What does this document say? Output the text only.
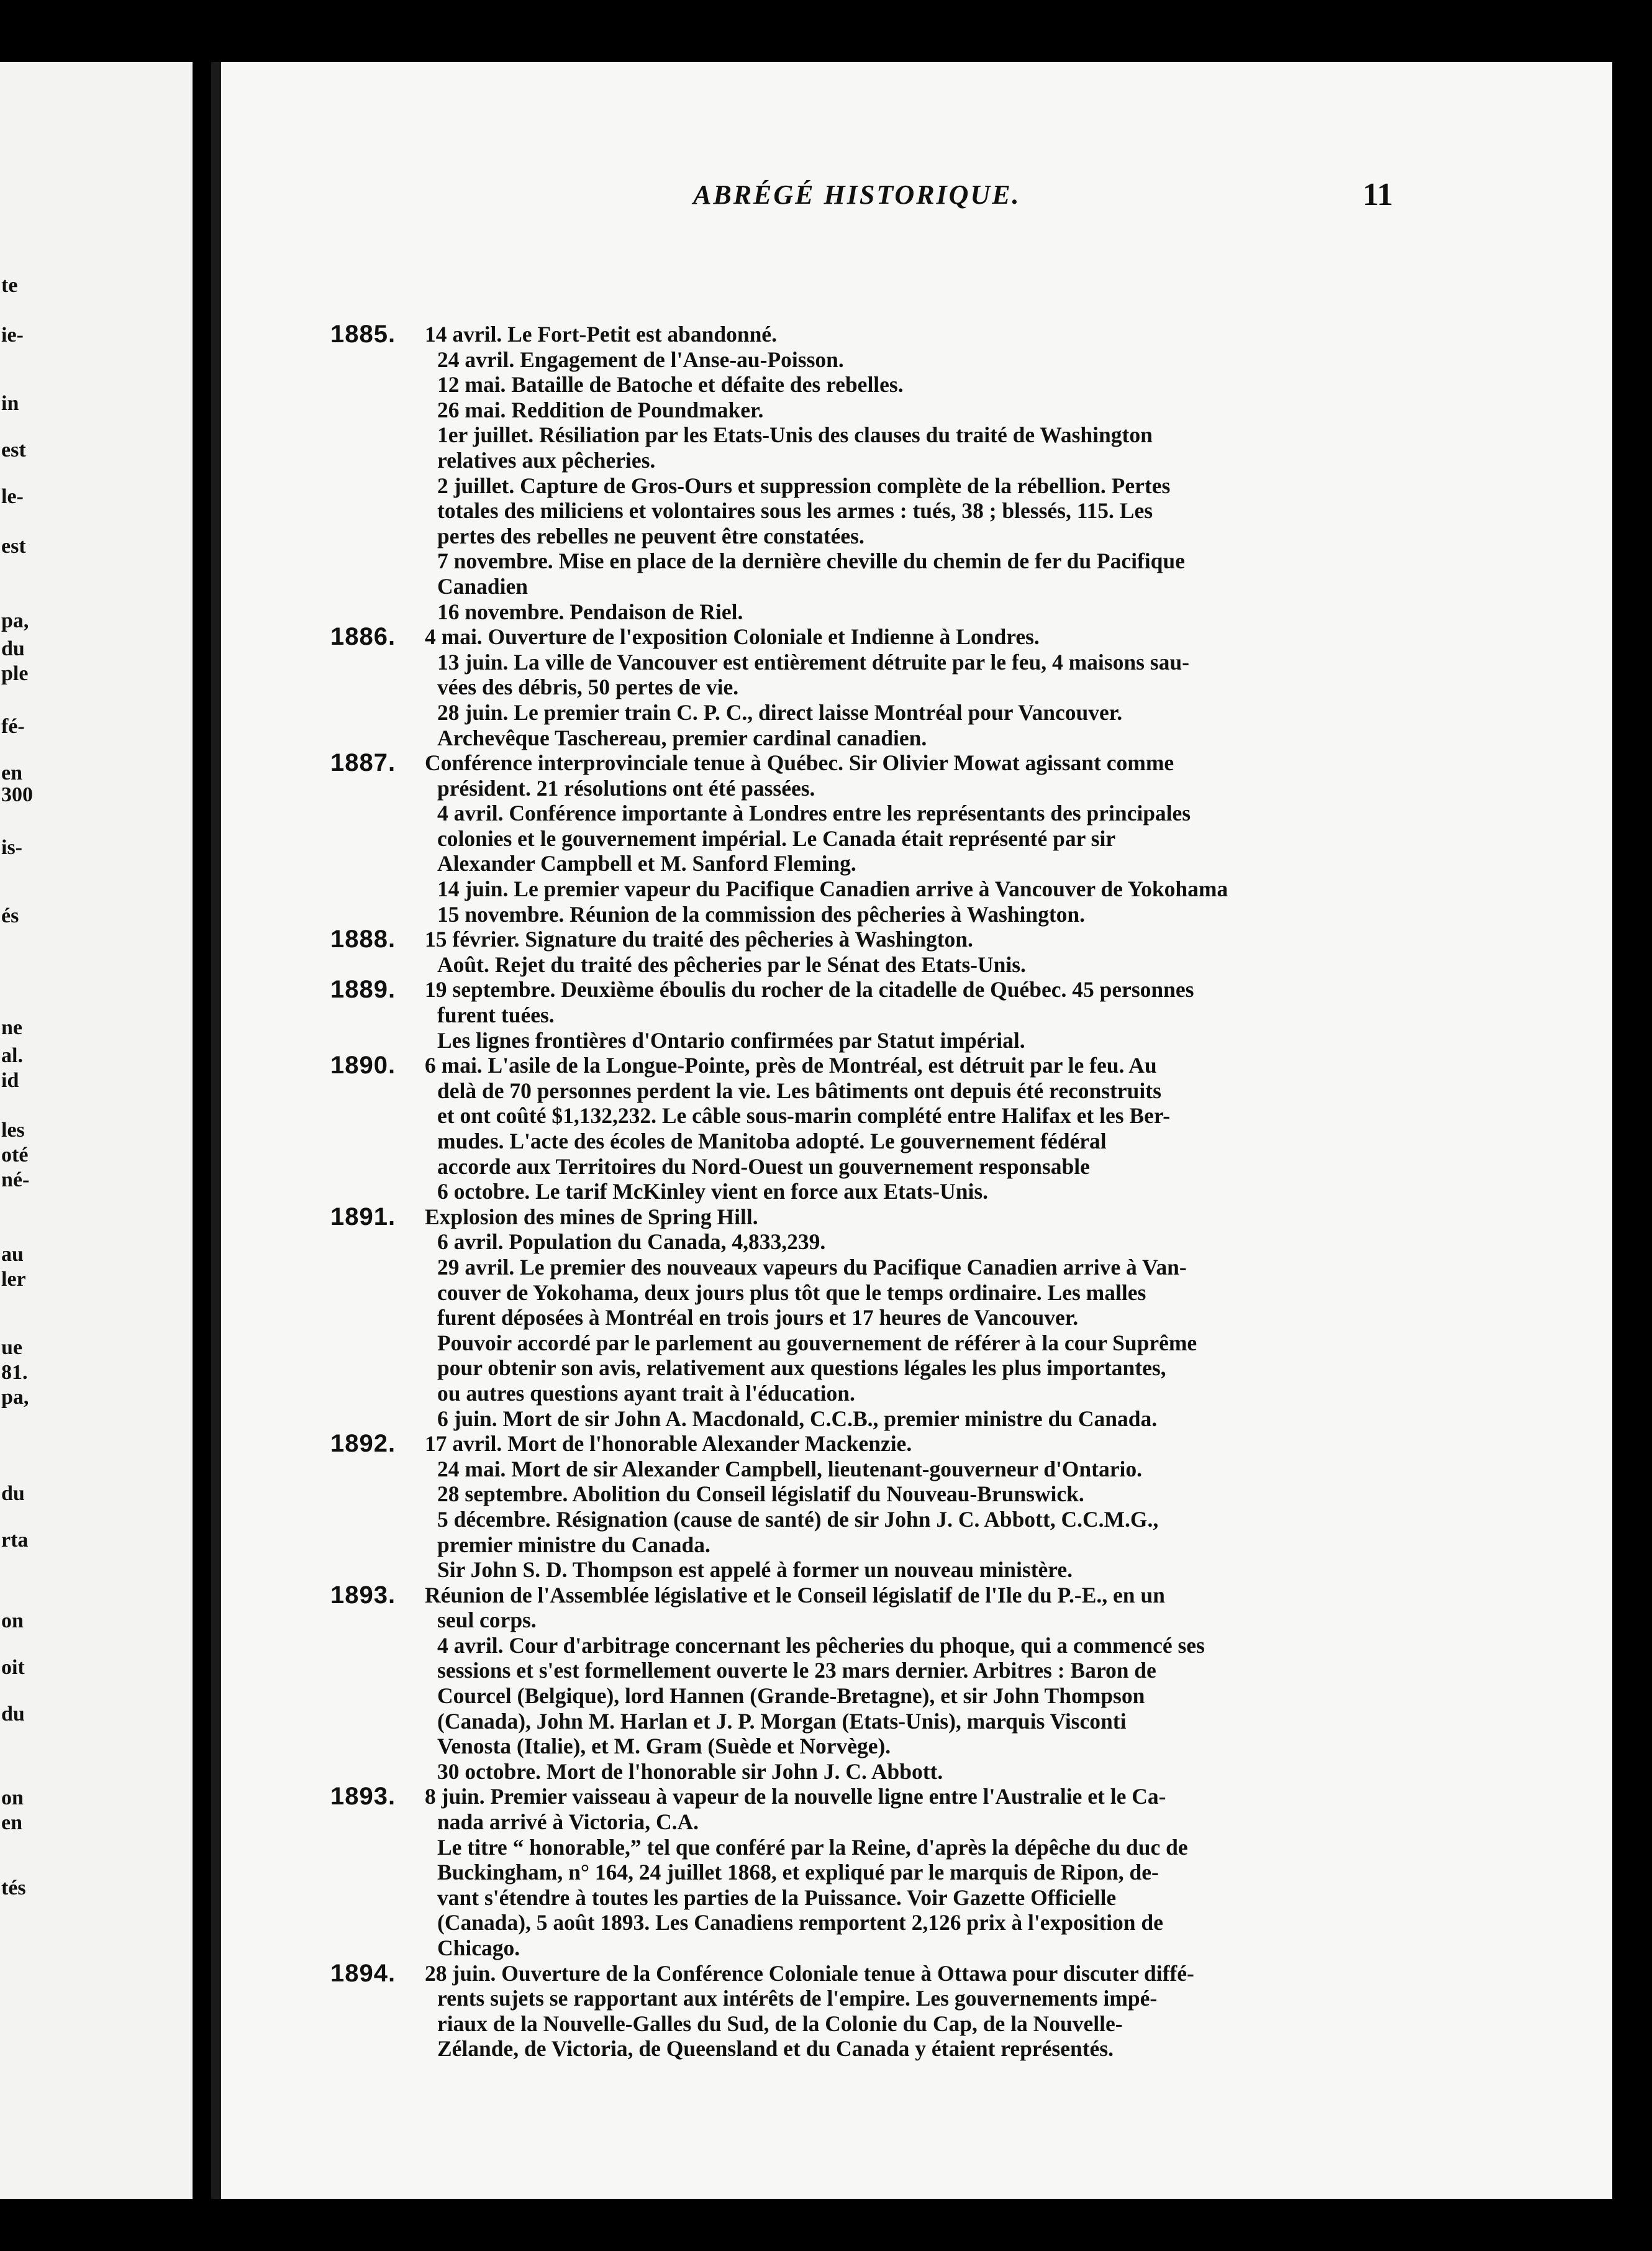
te
ie-
in
est
le-
est
pa,
du
ple
fé-
en
300
is-
és
ne
al.
id
les
oté
né-
au
ler
ue
81.
pa,
du
rta
on
oit
du
on
en
tés
ABRÉGÉ HISTORIQUE.	11
1885.	14 avril. Le Fort-Petit est abandonné.
24 avril. Engagement de l'Anse-au-Poisson.
12 mai. Bataille de Batoche et défaite des rebelles.
26 mai. Reddition de Poundmaker.
1er juillet. Résiliation par les Etats-Unis des clauses du traité de Washington
relatives aux pêcheries.
2 juillet. Capture de Gros-Ours et suppression complète de la rébellion. Pertes
totales des miliciens et volontaires sous les armes : tués, 38 ; blessés, 115. Les
pertes des rebelles ne peuvent être constatées.
7 novembre. Mise en place de la dernière cheville du chemin de fer du Pacifique
Canadien
16 novembre. Pendaison de Riel.
1886.	4 mai. Ouverture de l'exposition Coloniale et Indienne à Londres.
13 juin. La ville de Vancouver est entièrement détruite par le feu, 4 maisons sau-
vées des débris, 50 pertes de vie.
28 juin. Le premier train C. P. C., direct laisse Montréal pour Vancouver.
Archevêque Taschereau, premier cardinal canadien.
1887.	Conférence interprovinciale tenue à Québec. Sir Olivier Mowat agissant comme
président. 21 résolutions ont été passées.
4 avril. Conférence importante à Londres entre les représentants des principales
colonies et le gouvernement impérial. Le Canada était représenté par sir
Alexander Campbell et M. Sanford Fleming.
14 juin. Le premier vapeur du Pacifique Canadien arrive à Vancouver de Yokohama
15 novembre. Réunion de la commission des pêcheries à Washington.
1888.	15 février. Signature du traité des pêcheries à Washington.
Août. Rejet du traité des pêcheries par le Sénat des Etats-Unis.
1889.	19 septembre. Deuxième éboulis du rocher de la citadelle de Québec. 45 personnes
furent tuées.
Les lignes frontières d'Ontario confirmées par Statut impérial.
1890.	6 mai. L'asile de la Longue-Pointe, près de Montréal, est détruit par le feu. Au
delà de 70 personnes perdent la vie. Les bâtiments ont depuis été reconstruits
et ont coûté $1,132,232. Le câble sous-marin complété entre Halifax et les Ber-
mudes. L'acte des écoles de Manitoba adopté. Le gouvernement fédéral
accorde aux Territoires du Nord-Ouest un gouvernement responsable
6 octobre. Le tarif McKinley vient en force aux Etats-Unis.
1891.	Explosion des mines de Spring Hill.
6 avril. Population du Canada, 4,833,239.
29 avril. Le premier des nouveaux vapeurs du Pacifique Canadien arrive à Van-
couver de Yokohama, deux jours plus tôt que le temps ordinaire. Les malles
furent déposées à Montréal en trois jours et 17 heures de Vancouver.
Pouvoir accordé par le parlement au gouvernement de référer à la cour Suprême
pour obtenir son avis, relativement aux questions légales les plus importantes,
ou autres questions ayant trait à l'éducation.
6 juin. Mort de sir John A. Macdonald, C.C.B., premier ministre du Canada.
1892.	17 avril. Mort de l'honorable Alexander Mackenzie.
24 mai. Mort de sir Alexander Campbell, lieutenant-gouverneur d'Ontario.
28 septembre. Abolition du Conseil législatif du Nouveau-Brunswick.
5 décembre. Résignation (cause de santé) de sir John J. C. Abbott, C.C.M.G.,
premier ministre du Canada.
Sir John S. D. Thompson est appelé à former un nouveau ministère.
1893.	Réunion de l'Assemblée législative et le Conseil législatif de l'Ile du P.-E., en un
seul corps.
4 avril. Cour d'arbitrage concernant les pêcheries du phoque, qui a commencé ses
sessions et s'est formellement ouverte le 23 mars dernier. Arbitres : Baron de
Courcel (Belgique), lord Hannen (Grande-Bretagne), et sir John Thompson
(Canada), John M. Harlan et J. P. Morgan (Etats-Unis), marquis Visconti
Venosta (Italie), et M. Gram (Suède et Norvège).
30 octobre. Mort de l'honorable sir John J. C. Abbott.
1893.	8 juin. Premier vaisseau à vapeur de la nouvelle ligne entre l'Australie et le Ca-
nada arrivé à Victoria, C.A.
Le titre “ honorable,” tel que conféré par la Reine, d'après la dépêche du duc de
Buckingham, n° 164, 24 juillet 1868, et expliqué par le marquis de Ripon, de-
vant s'étendre à toutes les parties de la Puissance. Voir Gazette Officielle
(Canada), 5 août 1893. Les Canadiens remportent 2,126 prix à l'exposition de
Chicago.
1894.	28 juin. Ouverture de la Conférence Coloniale tenue à Ottawa pour discuter diffé-
rents sujets se rapportant aux intérêts de l'empire. Les gouvernements impé-
riaux de la Nouvelle-Galles du Sud, de la Colonie du Cap, de la Nouvelle-
Zélande, de Victoria, de Queensland et du Canada y étaient représentés.
